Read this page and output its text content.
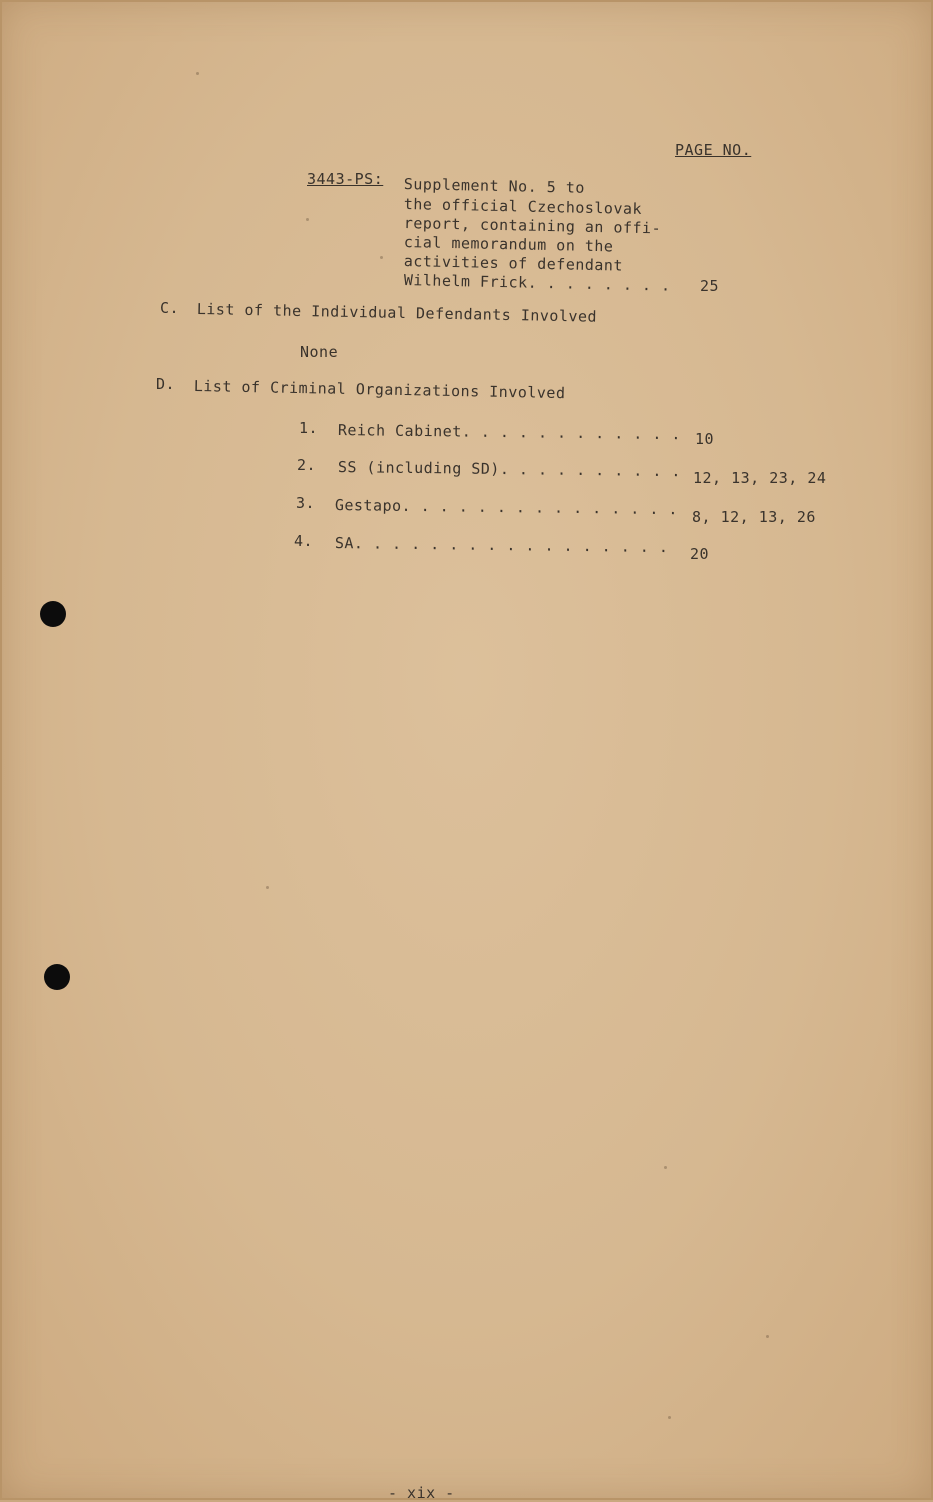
PAGE NO.
3443-PS: Supplement No. 5 to
the official Czechoslovak
report, containing an offi-
cial memorandum on the
activities of defendant
Wilhelm Frick. . . . . . . . 25
C. List of the Individual Defendants Involved
None
D. List of Criminal Organizations Involved
1. Reich Cabinet. . . . . . . . . . . . 10
2. SS (including SD). . . . . . . . . . 12, 13, 23, 24
3. Gestapo. . . . . . . . . . . . . . . 8, 12, 13, 26
4. SA. . . . . . . . . . . . . . . . . 20
- xix -
